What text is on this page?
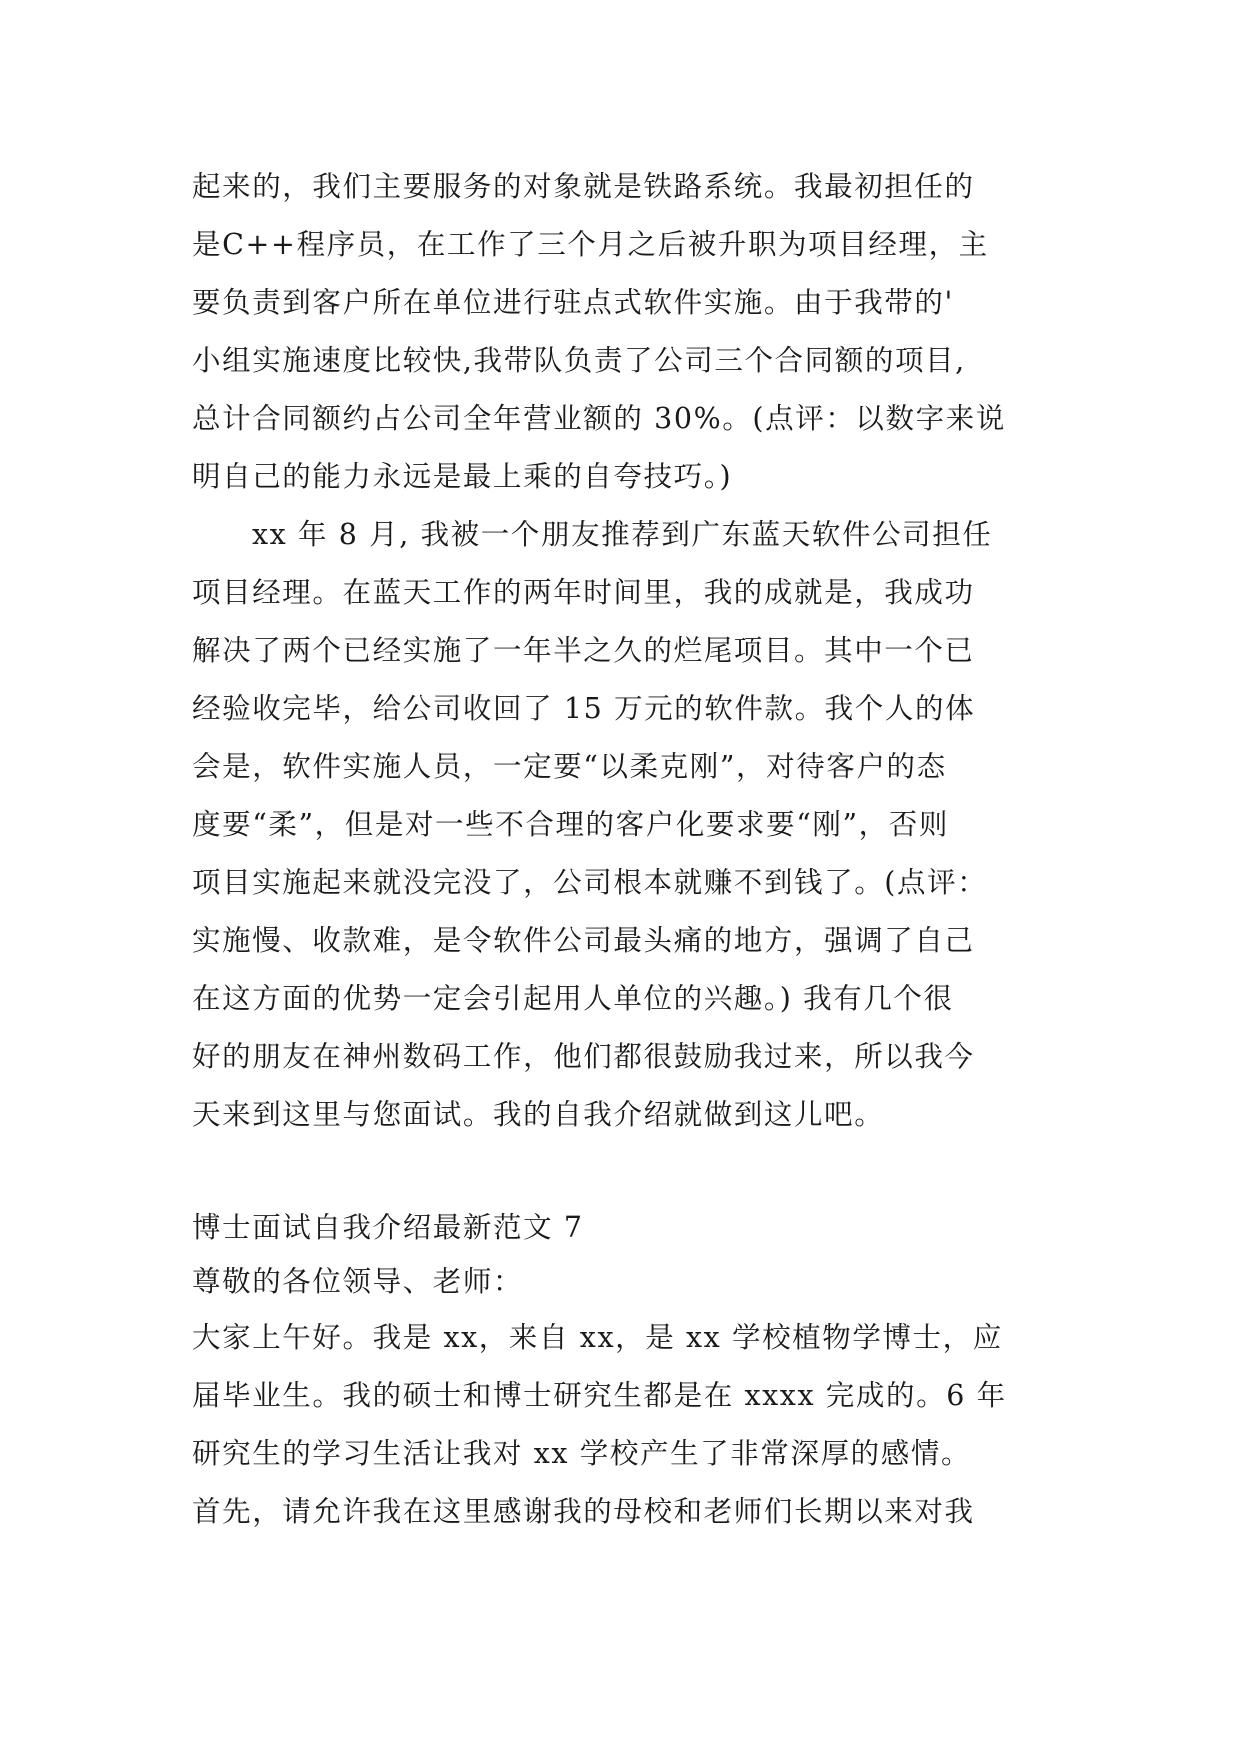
起来的，我们主要服务的对象就是铁路系统。我最初担任的

是C++程序员，在工作了三个月之后被升职为项目经理，主

要负责到客户所在单位进行驻点式软件实施。由于我带的'

小组实施速度比较快,我带队负责了公司三个合同额的项目,

总计合同额约占公司全年营业额的 30%。(点评：以数字来说

明自己的能力永远是最上乘的自夸技巧。)

xx 年 8 月, 我被一个朋友推荐到广东蓝天软件公司担任

项目经理。在蓝天工作的两年时间里，我的成就是，我成功

解决了两个已经实施了一年半之久的烂尾项目。其中一个已

经验收完毕，给公司收回了 15 万元的软件款。我个人的体

会是，软件实施人员，一定要“以柔克刚”，对待客户的态

度要“柔”，但是对一些不合理的客户化要求要“刚”，否则

项目实施起来就没完没了，公司根本就赚不到钱了。(点评：

实施慢、收款难，是令软件公司最头痛的地方，强调了自己

在这方面的优势一定会引起用人单位的兴趣。) 我有几个很

好的朋友在神州数码工作，他们都很鼓励我过来，所以我今

天来到这里与您面试。我的自我介绍就做到这儿吧。

博士面试自我介绍最新范文 7

尊敬的各位领导、老师：

大家上午好。我是 xx，来自 xx，是 xx 学校植物学博士，应

届毕业生。我的硕士和博士研究生都是在 xxxx 完成的。6 年

研究生的学习生活让我对 xx 学校产生了非常深厚的感情。

首先，请允许我在这里感谢我的母校和老师们长期以来对我
